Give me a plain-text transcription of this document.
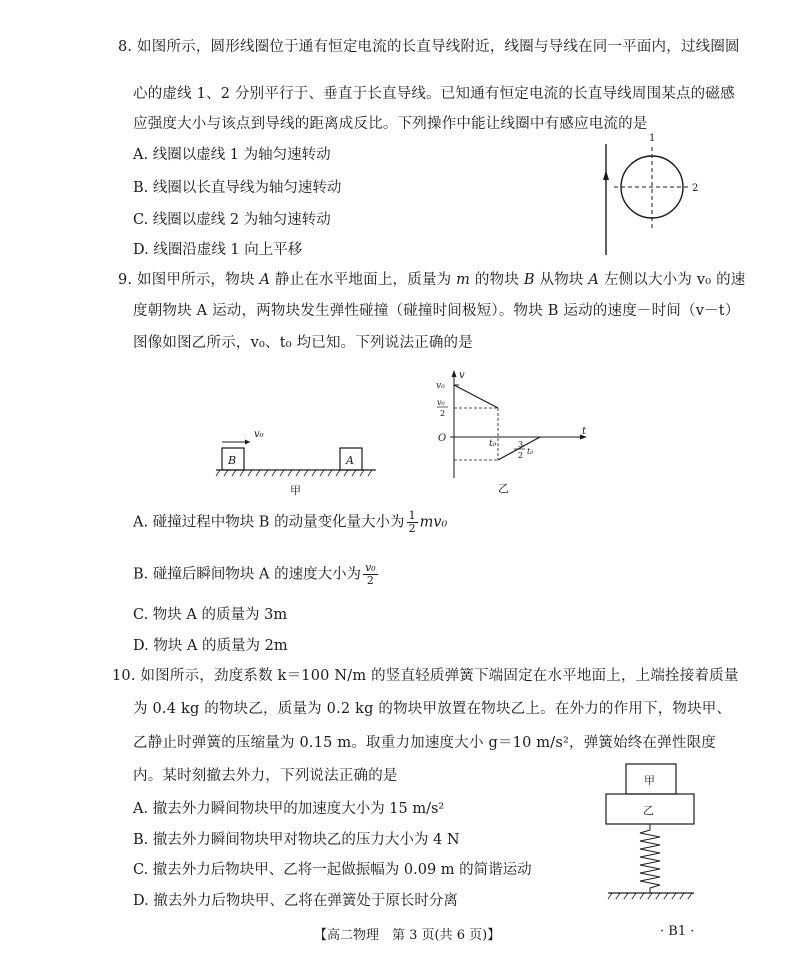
8. 如图所示，圆形线圈位于通有恒定电流的长直导线附近，线圈与导线在同一平面内，过线圈圆
心的虚线 1、2 分别平行于、垂直于长直导线。已知通有恒定电流的长直导线周围某点的磁感
应强度大小与该点到导线的距离成反比。下列操作中能让线圈中有感应电流的是
A. 线圈以虚线 1 为轴匀速转动
B. 线圈以长直导线为轴匀速转动
C. 线圈以虚线 2 为轴匀速转动
D. 线圈沿虚线 1 向上平移
1
2
9. 如图甲所示，物块 A 静止在水平地面上，质量为 m 的物块 B 从物块 A 左侧以大小为 v₀ 的速
度朝物块 A 运动，两物块发生弹性碰撞（碰撞时间极短）。物块 B 运动的速度－时间（v－t）
图像如图乙所示，v₀、t₀ 均已知。下列说法正确的是
v₀
B	A
甲
v
t
O
v₀
v₀
2
t₀	3
2 t₀
乙
A. 碰撞过程中物块 B 的动量变化量大小为 $\frac{1}{2} mv_0$
B. 碰撞后瞬间物块 A 的速度大小为 $\frac{\text{v₀}}{2}$
C. 物块 A 的质量为 3m
D. 物块 A 的质量为 2m
10. 如图所示，劲度系数 k＝100 N/m 的竖直轻质弹簧下端固定在水平地面上，上端拴接着质量
为 0.4 kg 的物块乙，质量为 0.2 kg 的物块甲放置在物块乙上。在外力的作用下，物块甲、
乙静止时弹簧的压缩量为 0.15 m。取重力加速度大小 g＝10 m/s²，弹簧始终在弹性限度
内。某时刻撤去外力，下列说法正确的是
A. 撤去外力瞬间物块甲的加速度大小为 15 m/s²
B. 撤去外力瞬间物块甲对物块乙的压力大小为 4 N
C. 撤去外力后物块甲、乙将一起做振幅为 0.09 m 的简谐运动
D. 撤去外力后物块甲、乙将在弹簧处于原长时分离
甲
乙
【高二物理　第 3 页(共 6 页)】	· B1 ·
